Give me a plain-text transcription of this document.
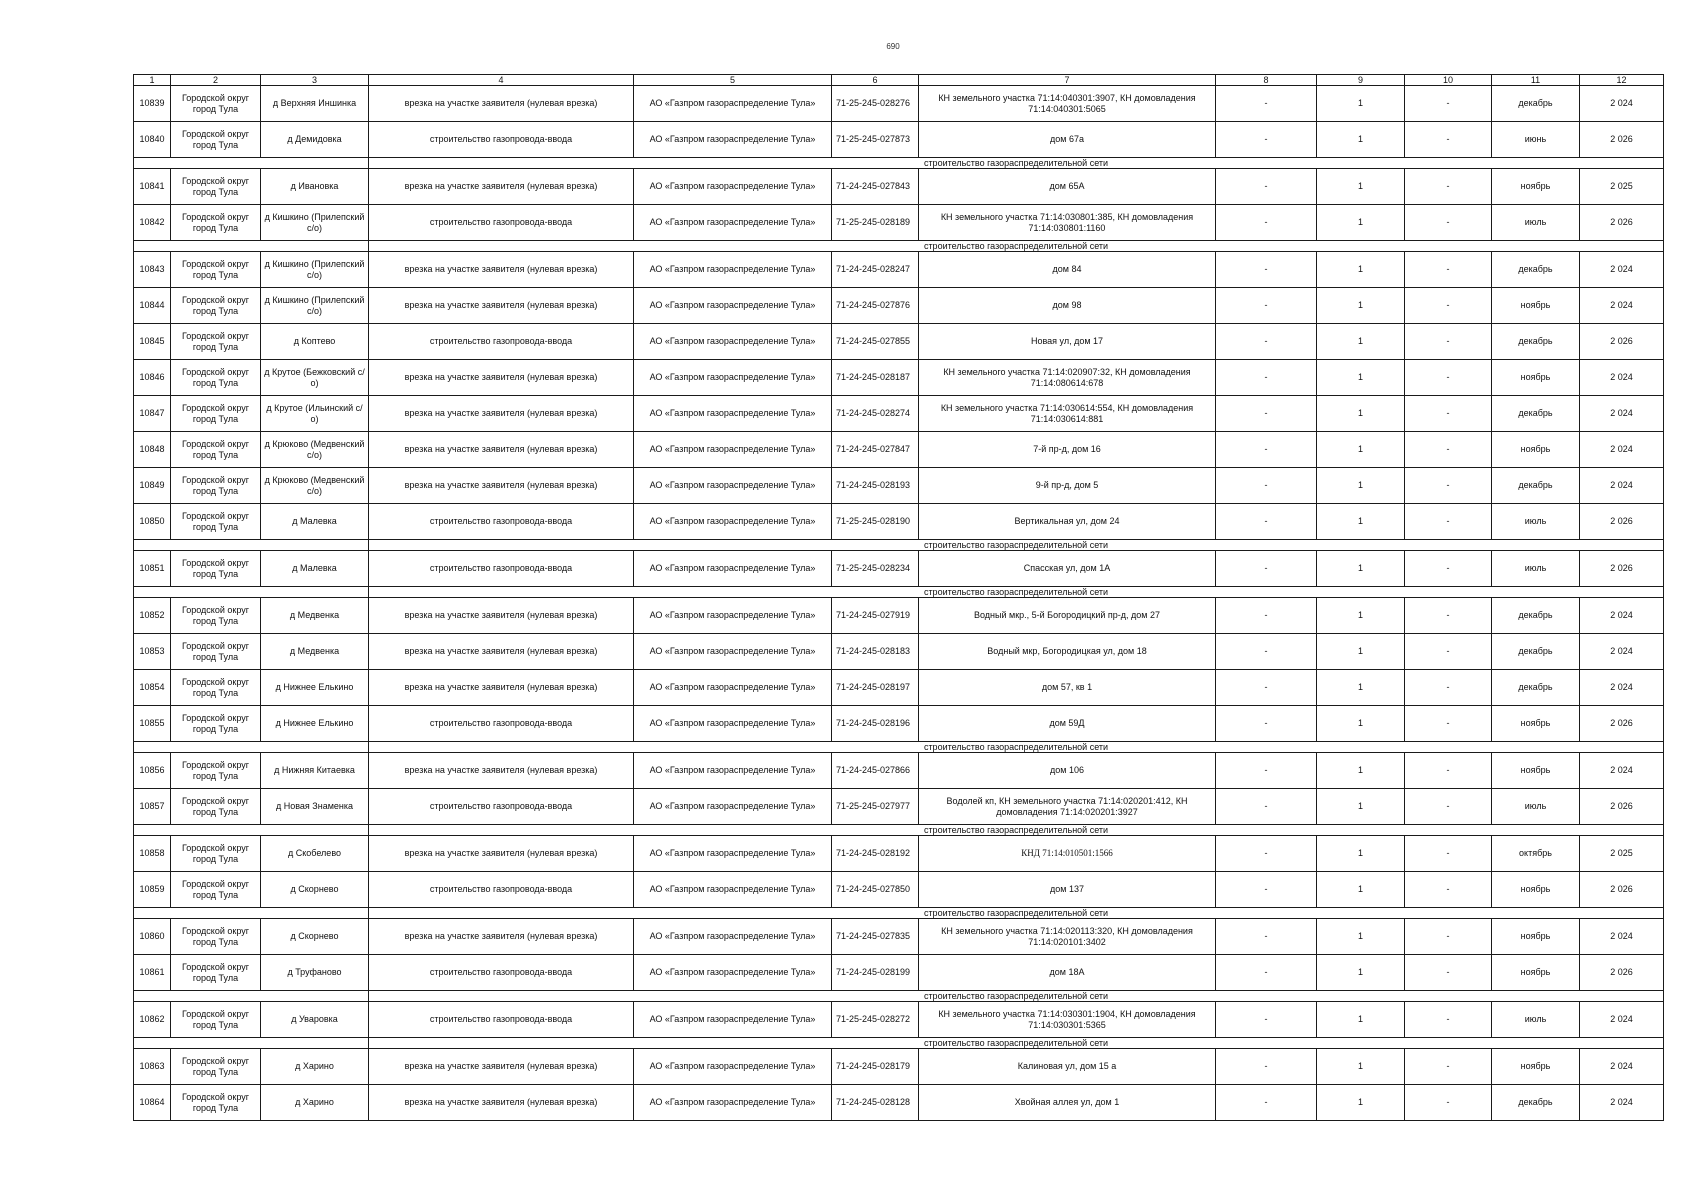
690
1	2	3	4	5	6	7	8	9	10	11	12
10839	Городской округ город Тула	д Верхняя Иншинка	врезка на участке заявителя (нулевая врезка)	АО «Газпром газораспределение Тула»	71-25-245-028276	КН земельного участка 71:14:040301:3907, КН домовладения 71:14:040301:5065	-	1	-	декабрь	2 024
10840	Городской округ город Тула	д Демидовка	строительство газопровода-ввода	АО «Газпром газораспределение Тула»	71-25-245-027873	дом 67а	-	1	-	июнь	2 026
			строительство газораспределительной сети								
10841	Городской округ город Тула	д Ивановка	врезка на участке заявителя (нулевая врезка)	АО «Газпром газораспределение Тула»	71-24-245-027843	дом 65А	-	1	-	ноябрь	2 025
10842	Городской округ город Тула	д Кишкино (Прилепский с/о)	строительство газопровода-ввода	АО «Газпром газораспределение Тула»	71-25-245-028189	КН земельного участка 71:14:030801:385, КН домовладения 71:14:030801:1160	-	1	-	июль	2 026
			строительство газораспределительной сети								
10843	Городской округ город Тула	д Кишкино (Прилепский с/о)	врезка на участке заявителя (нулевая врезка)	АО «Газпром газораспределение Тула»	71-24-245-028247	дом 84	-	1	-	декабрь	2 024
10844	Городской округ город Тула	д Кишкино (Прилепский с/о)	врезка на участке заявителя (нулевая врезка)	АО «Газпром газораспределение Тула»	71-24-245-027876	дом 98	-	1	-	ноябрь	2 024
10845	Городской округ город Тула	д Коптево	строительство газопровода-ввода	АО «Газпром газораспределение Тула»	71-24-245-027855	Новая ул, дом 17	-	1	-	декабрь	2 026
10846	Городской округ город Тула	д Крутое (Бежковский с/о)	врезка на участке заявителя (нулевая врезка)	АО «Газпром газораспределение Тула»	71-24-245-028187	КН земельного участка 71:14:020907:32, КН домовладения 71:14:080614:678	-	1	-	ноябрь	2 024
10847	Городской округ город Тула	д Крутое (Ильинский с/о)	врезка на участке заявителя (нулевая врезка)	АО «Газпром газораспределение Тула»	71-24-245-028274	КН земельного участка 71:14:030614:554, КН домовладения 71:14:030614:881	-	1	-	декабрь	2 024
10848	Городской округ город Тула	д Крюково (Медвенский с/о)	врезка на участке заявителя (нулевая врезка)	АО «Газпром газораспределение Тула»	71-24-245-027847	7-й пр-д, дом 16	-	1	-	ноябрь	2 024
10849	Городской округ город Тула	д Крюково (Медвенский с/о)	врезка на участке заявителя (нулевая врезка)	АО «Газпром газораспределение Тула»	71-24-245-028193	9-й пр-д, дом 5	-	1	-	декабрь	2 024
10850	Городской округ город Тула	д Малевка	строительство газопровода-ввода	АО «Газпром газораспределение Тула»	71-25-245-028190	Вертикальная ул, дом 24	-	1	-	июль	2 026
			строительство газораспределительной сети								
10851	Городской округ город Тула	д Малевка	строительство газопровода-ввода	АО «Газпром газораспределение Тула»	71-25-245-028234	Спасская ул, дом 1А	-	1	-	июль	2 026
			строительство газораспределительной сети								
10852	Городской округ город Тула	д Медвенка	врезка на участке заявителя (нулевая врезка)	АО «Газпром газораспределение Тула»	71-24-245-027919	Водный мкр., 5-й Богородицкий пр-д, дом 27	-	1	-	декабрь	2 024
10853	Городской округ город Тула	д Медвенка	врезка на участке заявителя (нулевая врезка)	АО «Газпром газораспределение Тула»	71-24-245-028183	Водный мкр, Богородицкая ул, дом 18	-	1	-	декабрь	2 024
10854	Городской округ город Тула	д Нижнее Елькино	врезка на участке заявителя (нулевая врезка)	АО «Газпром газораспределение Тула»	71-24-245-028197	дом 57, кв 1	-	1	-	декабрь	2 024
10855	Городской округ город Тула	д Нижнее Елькино	строительство газопровода-ввода	АО «Газпром газораспределение Тула»	71-24-245-028196	дом 59Д	-	1	-	ноябрь	2 026
			строительство газораспределительной сети								
10856	Городской округ город Тула	д Нижняя Китаевка	врезка на участке заявителя (нулевая врезка)	АО «Газпром газораспределение Тула»	71-24-245-027866	дом 106	-	1	-	ноябрь	2 024
10857	Городской округ город Тула	д Новая Знаменка	строительство газопровода-ввода	АО «Газпром газораспределение Тула»	71-25-245-027977	Водолей кп, КН земельного участка 71:14:020201:412, КН домовладения 71:14:020201:3927	-	1	-	июль	2 026
			строительство газораспределительной сети								
10858	Городской округ город Тула	д Скобелево	врезка на участке заявителя (нулевая врезка)	АО «Газпром газораспределение Тула»	71-24-245-028192	КНД 71:14:010501:1566	-	1	-	октябрь	2 025
10859	Городской округ город Тула	д Скорнево	строительство газопровода-ввода	АО «Газпром газораспределение Тула»	71-24-245-027850	дом 137	-	1	-	ноябрь	2 026
			строительство газораспределительной сети								
10860	Городской округ город Тула	д Скорнево	врезка на участке заявителя (нулевая врезка)	АО «Газпром газораспределение Тула»	71-24-245-027835	КН земельного участка 71:14:020113:320, КН домовладения 71:14:020101:3402	-	1	-	ноябрь	2 024
10861	Городской округ город Тула	д Труфаново	строительство газопровода-ввода	АО «Газпром газораспределение Тула»	71-24-245-028199	дом 18А	-	1	-	ноябрь	2 026
			строительство газораспределительной сети								
10862	Городской округ город Тула	д Уваровка	строительство газопровода-ввода	АО «Газпром газораспределение Тула»	71-25-245-028272	КН земельного участка 71:14:030301:1904, КН домовладения 71:14:030301:5365	-	1	-	июль	2 024
			строительство газораспределительной сети								
10863	Городской округ город Тула	д Харино	врезка на участке заявителя (нулевая врезка)	АО «Газпром газораспределение Тула»	71-24-245-028179	Калиновая ул, дом 15 а	-	1	-	ноябрь	2 024
10864	Городской округ город Тула	д Харино	врезка на участке заявителя (нулевая врезка)	АО «Газпром газораспределение Тула»	71-24-245-028128	Хвойная аллея ул, дом 1	-	1	-	декабрь	2 024
